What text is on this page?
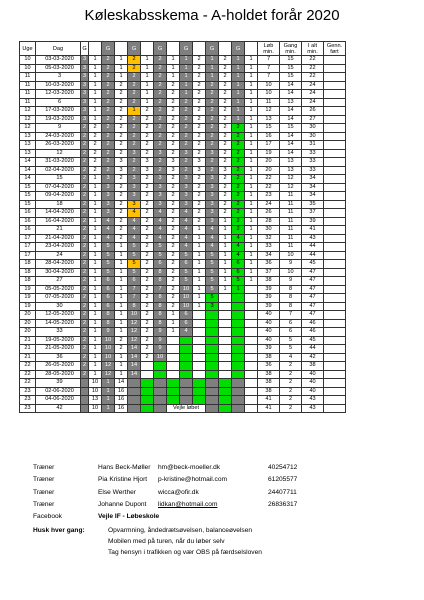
Køleskabsskema - A-holdet forår 2020
Uge	Dag	G		G		G		G		G		G		G		Løb min.	Gang min.	I alt min.	Genn. ført
10	03-03-2020	3	1	2	1	2	1	2	1	1	2	1	2	1	1	7	15	22	
10	05-03-2020	3	1	2	1	2	1	2	1	1	2	1	2	1	1	7	15	22	
11	3	3	1	2	1	2	1	2	1	1	2	1	2	1	1	7	15	22	
11	10-03-2020	3	1	2	2	2	1	2	2	1	2	2	2	1	1	10	14	24	
11	12-03-2020	3	1	2	2	2	1	2	2	1	2	2	2	1	1	10	14	24	
11	6	3	1	2	2	2	1	2	2	2	2	2	2	1	1	11	13	24	
12	17-03-2020	3	1	2	2	1	2	2	2	2	2	2	2	1	1	12	14	26	
12	19-03-2020	3	1	2	2	2	2	2	2	2	2	2	2	1	1	13	14	27	
12	9	2	2	2	2	2	2	2	2	2	2	2	2	2	1	15	15	30	
13	24-03-2020	2	2	2	2	2	2	2	2	2	2	2	2	2	1	16	14	30	
13	26-03-2020	2	2	2	2	2	2	2	2	2	2	2	2	2	1	17	14	31	
13	12	2	2	2	2	3	2	3	2	3	2	3	2	2	1	19	14	33	
14	31-03-2020	2	2	2	3	2	3	2	3	2	3	2	2	2	1	20	13	33	
14	02-04-2020	2	2	2	3	2	3	2	3	2	3	2	3	2	1	20	13	33	
14	15	2	1	3	2	3	2	3	2	3	2	3	2	2	1	22	12	34	
15	07-04-2020	2	1	3	2	3	2	3	2	3	2	3	2	2	1	22	12	34	
15	09-04-2020	2	1	3	2	3	2	3	2	3	2	3	2	2	1	23	11	34	
15	18	2	1	3	2	3	2	3	2	3	2	3	2	2	1	24	11	35	
16	14-04-2020	2	1	3	2	4	2	4	2	4	2	3	2	2	1	26	11	37	
16	16-04-2020	2	1	4	2	4	2	4	2	4	2	3	1	2	1	28	11	39	
16	21	2	1	4	2	4	2	4	2	4	1	4	1	2	1	30	11	41	
17	21-04-2020	2	1	4	2	4	2	4	2	4	1	4	1	4	1	32	11	43	
17	23-04-2020	2	1	5	1	5	2	5	2	4	1	4	1	4	1	33	11	44	
17	24	2	1	5	1	5	2	5	2	5	1	5	1	4	1	34	10	44	
18	28-04-2020	2	1	5	1	5	2	6	2	6	1	5	1	6	1	36	9	45	
18	30-04-2020	2	1	5	1	5	2	8	2	5	1	5	1	6	1	37	10	47	
18	27	2	1	6	1	6	2	8	2	5	1	5	1	5	1	38	9	47	
19	05-05-2020	2	1	6	1	7	2	7	2	10	1	5	1	1		39	8	47	
19	07-05-2020	2	1	6	1	7	2	8	2	10	1	5				39	8	47	
19	30	2	1	6	1	8	2	8	2	10	1	3				39	8	47	
20	12-05-2020	2	1	8	1	10	2	8	1	6						40	7	47	
20	14-05-2020	2	1	8	1	12	2	8	1	6						40	6	46	
20	33	2	1	9	1	12	2	9	1	4						40	6	46	
21	19-05-2020	2	1	10	2	12	2	9								40	5	45	
21	21-05-2020	2	1	10	2	14	2	9								39	5	44	
21	36	2	1	10	1	14	2	10								38	4	42	
22	26-05-2020	2	1	12	1	14										36	2	38	
22	28-05-2020	2	1	12	1	14										38	2	40	
22	39		10	1	14											38	2	40	
23	02-06-2020		10	1	16											38	2	40	
23	04-06-2020		13	1	16											41	2	43	
23	42		10	1	16				Vejle løbet							41	2	43	
Træner	Hans Beck-Møller hm@beck-moeller.dk	40254712
Træner	Pia Kristine Hjort p-kristine@hotmail.com	61205577
Træner	Else Werther	wicca@ofir.dk	24407711
Træner	Johanne Dupont lidkan@hotmail.com	26836317
Facebook	Vejle IF - Løbeskole
Husk hver gang:	Opvarmning, åndedrætsøvelsen, balanceøvelsen
Mobilen med på turen, når du løber selv
Tag hensyn i trafikken og vær OBS på færdselsloven
